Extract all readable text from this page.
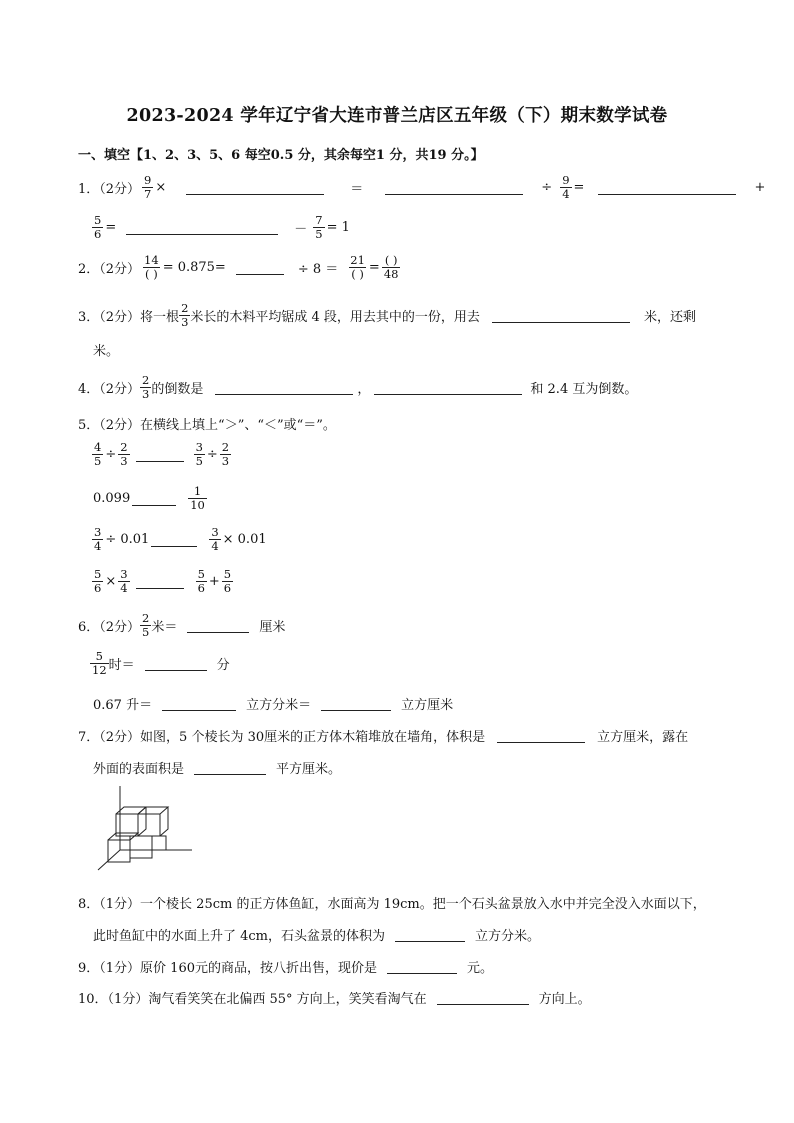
2023-2024 学年辽宁省大连市普兰店区五年级（下）期末数学试卷
一、填空【1、2、3、5、6 每空0.5 分，其余每空1 分，共19 分。】
1．（2分） $\frac{9}{7}$ ×	＝	÷ $\frac{9}{4}$ =	+
$\frac{5}{6}$ =	－ $\frac{7}{5} = 1$
2．（2分） $\frac{14}{( )} = 0.875=$	÷ $8 = \frac{21}{( )} = \frac{( )}{48}$
3．（2分） 将一根 $\frac{2}{3}$ 米长的木料平均锯成 4 段，用去其中的一份，用去	米，还剩
米。
4．（2分） $\frac{2}{3}$ 的倒数是	，	和 2.4 互为倒数。
5．（2分） 在横线上填上“＞”、“＜”或“＝”。
$\frac{4}{5} \div \frac{2}{3}$	$\frac{3}{5} \div \frac{2}{3}$
0.099	$\frac{1}{10}$
$\frac{3}{4} \div 0.01$	$\frac{3}{4} \times 0.01$
$\frac{5}{6} \times \frac{3}{4}$	$\frac{5}{6} + \frac{5}{6}$
6．（2分） $\frac{2}{5}$ 米＝	厘米
$\frac{5}{12}$ 时＝	分
0.67 升＝	立方分米＝	立方厘米
7．（2分） 如图，5 个棱长为 30厘米的正方体木箱堆放在墙角，体积是	立方厘米，露在
外面的表面积是	平方厘米。
8．（1分） 一个棱长 25cm 的正方体鱼缸，水面高为 19cm。把一个石头盆景放入水中并完全没入水面以下，
此时鱼缸中的水面上升了 4cm，石头盆景的体积为	立方分米。
9．（1分） 原价 160元的商品，按八折出售，现价是	元。
10．（1分） 淘气看笑笑在北偏西 55° 方向上，笑笑看淘气在	方向上。
